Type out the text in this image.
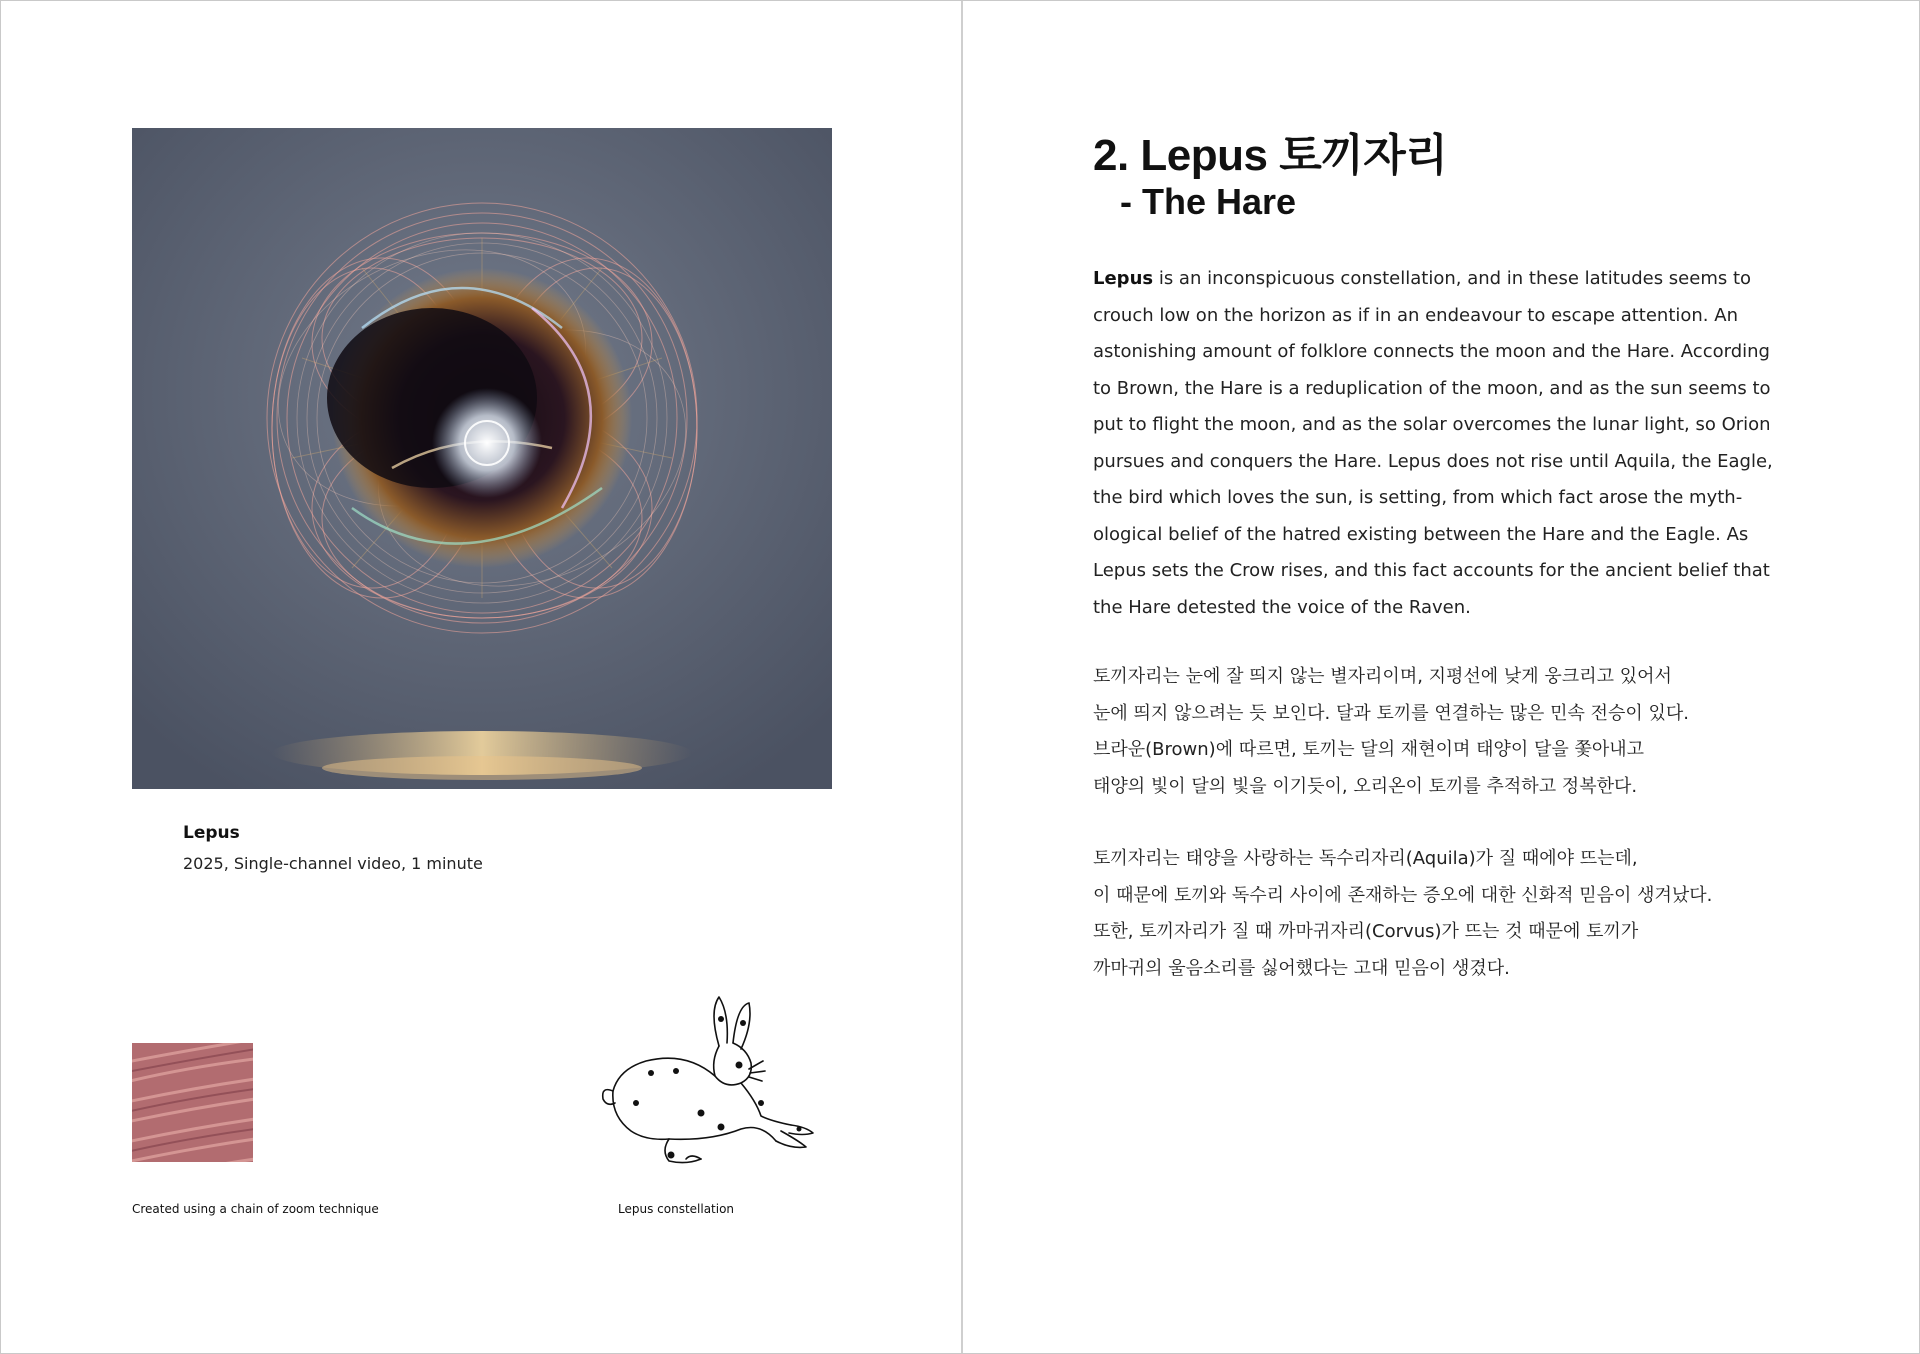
Lepus
2025, Single-channel video, 1 minute
Created using a chain of zoom technique	Lepus constellation
2. Lepus 토끼자리
- The Hare

Lepus is an inconspicuous constellation, and in these latitudes seems to
crouch low on the horizon as if in an endeavour to escape attention. An
astonishing amount of folklore connects the moon and the Hare. According
to Brown, the Hare is a reduplication of the moon, and as the sun seems to
put to flight the moon, and as the solar overcomes the lunar light, so Orion
pursues and conquers the Hare. Lepus does not rise until Aquila, the Eagle,
the bird which loves the sun, is setting, from which fact arose the myth-
ological belief of the hatred existing between the Hare and the Eagle. As
Lepus sets the Crow rises, and this fact accounts for the ancient belief that
the Hare detested the voice of the Raven.

토끼자리는 눈에 잘 띄지 않는 별자리이며, 지평선에 낮게 웅크리고 있어서
눈에 띄지 않으려는 듯 보인다. 달과 토끼를 연결하는 많은 민속 전승이 있다.
브라운(Brown)에 따르면, 토끼는 달의 재현이며 태양이 달을 쫓아내고
태양의 빛이 달의 빛을 이기듯이, 오리온이 토끼를 추적하고 정복한다.

토끼자리는 태양을 사랑하는 독수리자리(Aquila)가 질 때에야 뜨는데,
이 때문에 토끼와 독수리 사이에 존재하는 증오에 대한 신화적 믿음이 생겨났다.
또한, 토끼자리가 질 때 까마귀자리(Corvus)가 뜨는 것 때문에 토끼가
까마귀의 울음소리를 싫어했다는 고대 믿음이 생겼다.
